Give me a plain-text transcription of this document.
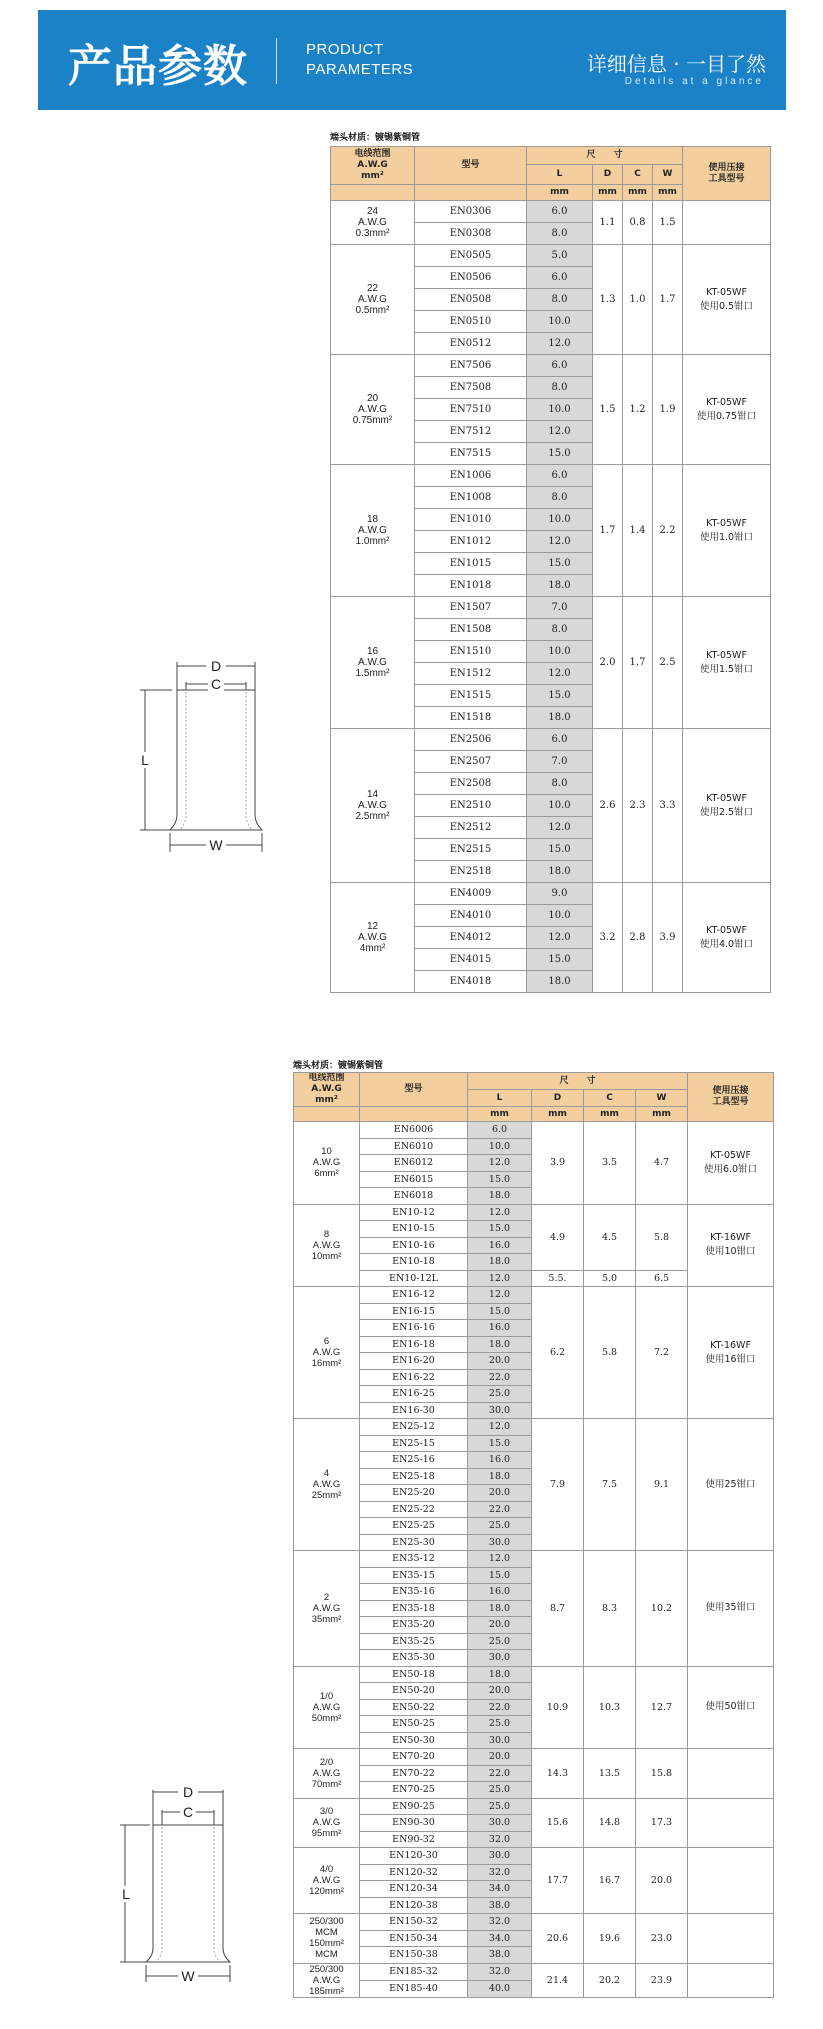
产品参数	PRODUCT
PARAMETERS	详细信息 · 一目了然
Details at a glance
端头材质：镀锡紫铜管
电线范围
A.W.G
mm²	型号	尺　　寸				使用压接
工具型号
		L	D	C	W	
		mm	mm	mm	mm	
24
A.W.G
0.3mm²	EN0306	6.0	1.1	0.8	1.5	

	EN0308	8.0				
22
A.W.G
0.5mm²	EN0505	5.0	1.3	1.0	1.7	KT-05WF
使用0.5钳口
	EN0506	6.0				
	EN0508	8.0				
	EN0510	10.0				
	EN0512	12.0				
20
A.W.G
0.75mm²	EN7506	6.0	1.5	1.2	1.9	KT-05WF
使用0.75钳口
	EN7508	8.0				
	EN7510	10.0				
	EN7512	12.0				
	EN7515	15.0				
18
A.W.G
1.0mm²	EN1006	6.0	1.7	1.4	2.2	KT-05WF
使用1.0钳口
	EN1008	8.0				
	EN1010	10.0				
	EN1012	12.0				
	EN1015	15.0				
	EN1018	18.0				
16
A.W.G
1.5mm²	EN1507	7.0	2.0	1.7	2.5	KT-05WF
使用1.5钳口
	EN1508	8.0				
	EN1510	10.0				
	EN1512	12.0				
	EN1515	15.0				
	EN1518	18.0				
14
A.W.G
2.5mm²	EN2506	6.0	2.6	2.3	3.3	KT-05WF
使用2.5钳口
	EN2507	7.0				
	EN2508	8.0				
	EN2510	10.0				
	EN2512	12.0				
	EN2515	15.0				
	EN2518	18.0				
12
A.W.G
4mm²	EN4009	9.0	3.2	2.8	3.9	KT-05WF
使用4.0钳口
	EN4010	10.0				
	EN4012	12.0				
	EN4015	15.0				
	EN4018	18.0				
端头材质：镀锡紫铜管
电线范围
A.W.G
mm²	型号	尺　　寸				使用压接
工具型号
		L	D	C	W	
		mm	mm	mm	mm	
10
A.W.G
6mm²	EN6006	6.0	3.9	3.5	4.7	KT-05WF
使用6.0钳口
	EN6010	10.0				
	EN6012	12.0				
	EN6015	15.0				
	EN6018	18.0				
8
A.W.G
10mm²	EN10-12	12.0	4.9	4.5	5.8	KT-16WF
使用10钳口
	EN10-15	15.0				
	EN10-16	16.0				
	EN10-18	18.0				
	EN10-12L	12.0	5.5.	5.0	6.5	
6
A.W.G
16mm²	EN16-12	12.0	6.2	5.8	7.2	KT-16WF
使用16钳口
	EN16-15	15.0				
	EN16-16	16.0				
	EN16-18	18.0				
	EN16-20	20.0				
	EN16-22	22.0				
	EN16-25	25.0				
	EN16-30	30.0				
4
A.W.G
25mm²	EN25-12	12.0	7.9	7.5	9.1	使用25钳口

	EN25-15	15.0				
	EN25-16	16.0				
	EN25-18	18.0				
	EN25-20	20.0				
	EN25-22	22.0				
	EN25-25	25.0				
	EN25-30	30.0				
2
A.W.G
35mm²	EN35-12	12.0	8.7	8.3	10.2	使用35钳口

	EN35-15	15.0				
	EN35-16	16.0				
	EN35-18	18.0				
	EN35-20	20.0				
	EN35-25	25.0				
	EN35-30	30.0				
1/0
A.W.G
50mm²	EN50-18	18.0	10.9	10.3	12.7	使用50钳口

	EN50-20	20.0				
	EN50-22	22.0				
	EN50-25	25.0				
	EN50-30	30.0				
2/0
A.W.G
70mm²	EN70-20	20.0	14.3	13.5	15.8	

	EN70-22	22.0				
	EN70-25	25.0				
3/0
A.W.G
95mm²	EN90-25	25.0	15.6	14.8	17.3	

	EN90-30	30.0				
	EN90-32	32.0				
4/0
A.W.G
120mm²	EN120-30	30.0	17.7	16.7	20.0	

	EN120-32	32.0				
	EN120-34	34.0				
	EN120-38	38.0				
250/300
MCM
150mm²
MCM	EN150-32	32.0	20.6	19.6	23.0	

	EN150-34	34.0				
	EN150-38	38.0				
250/300
A.W.G
185mm²	EN185-32	32.0	21.4	20.2	23.9	

	EN185-40	40.0				
D
C
L
W
D
C
L
W
